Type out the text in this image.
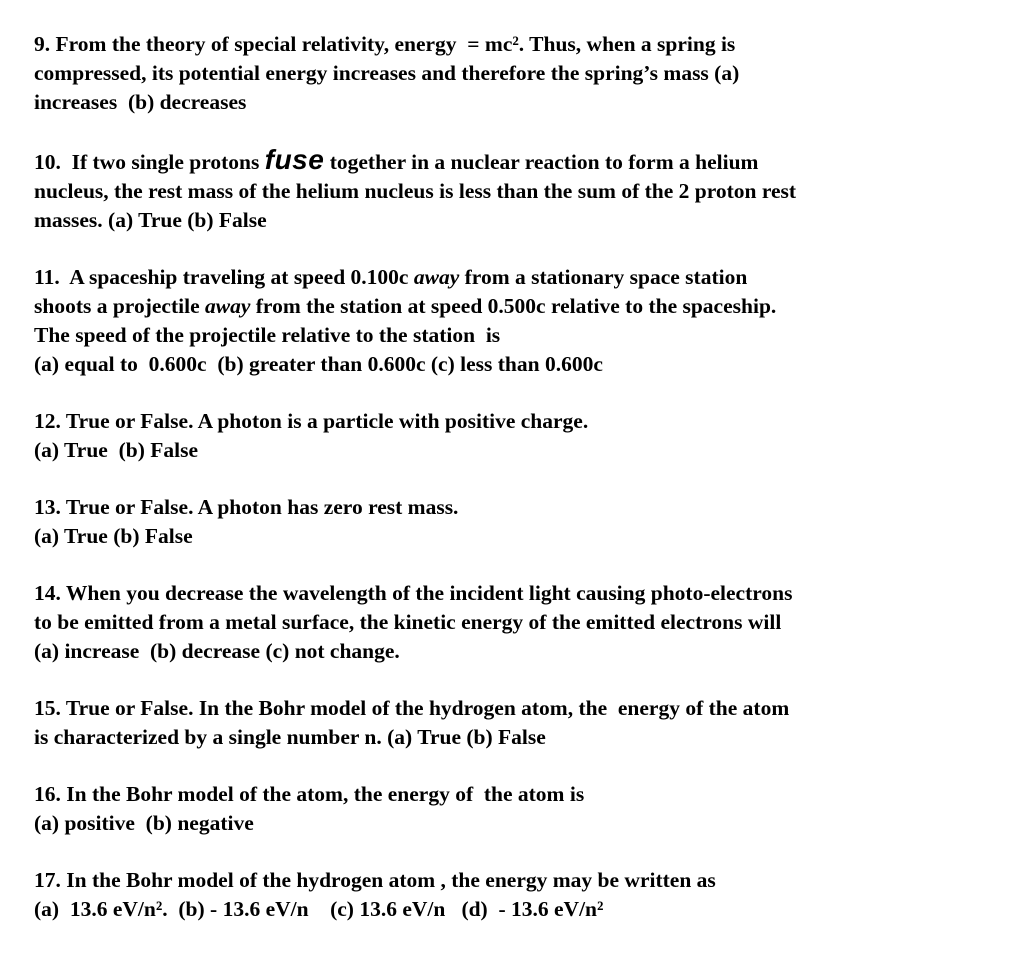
9. From the theory of special relativity, energy  = mc². Thus, when a spring is
compressed, its potential energy increases and therefore the spring’s mass (a)
increases  (b) decreases

10.  If two single protons fuse together in a nuclear reaction to form a helium
nucleus, the rest mass of the helium nucleus is less than the sum of the 2 proton rest
masses. (a) True (b) False

11.  A spaceship traveling at speed 0.100c away from a stationary space station
shoots a projectile away from the station at speed 0.500c relative to the spaceship.
The speed of the projectile relative to the station  is
(a) equal to  0.600c  (b) greater than 0.600c (c) less than 0.600c

12. True or False. A photon is a particle with positive charge.
(a) True  (b) False

13. True or False. A photon has zero rest mass.
(a) True (b) False

14. When you decrease the wavelength of the incident light causing photo-electrons
to be emitted from a metal surface, the kinetic energy of the emitted electrons will
(a) increase  (b) decrease (c) not change.

15. True or False. In the Bohr model of the hydrogen atom, the  energy of the atom
is characterized by a single number n. (a) True (b) False

16. In the Bohr model of the atom, the energy of  the atom is
(a) positive  (b) negative

17. In the Bohr model of the hydrogen atom , the energy may be written as
(a)  13.6 eV/n².  (b) - 13.6 eV/n    (c) 13.6 eV/n   (d)  - 13.6 eV/n²
